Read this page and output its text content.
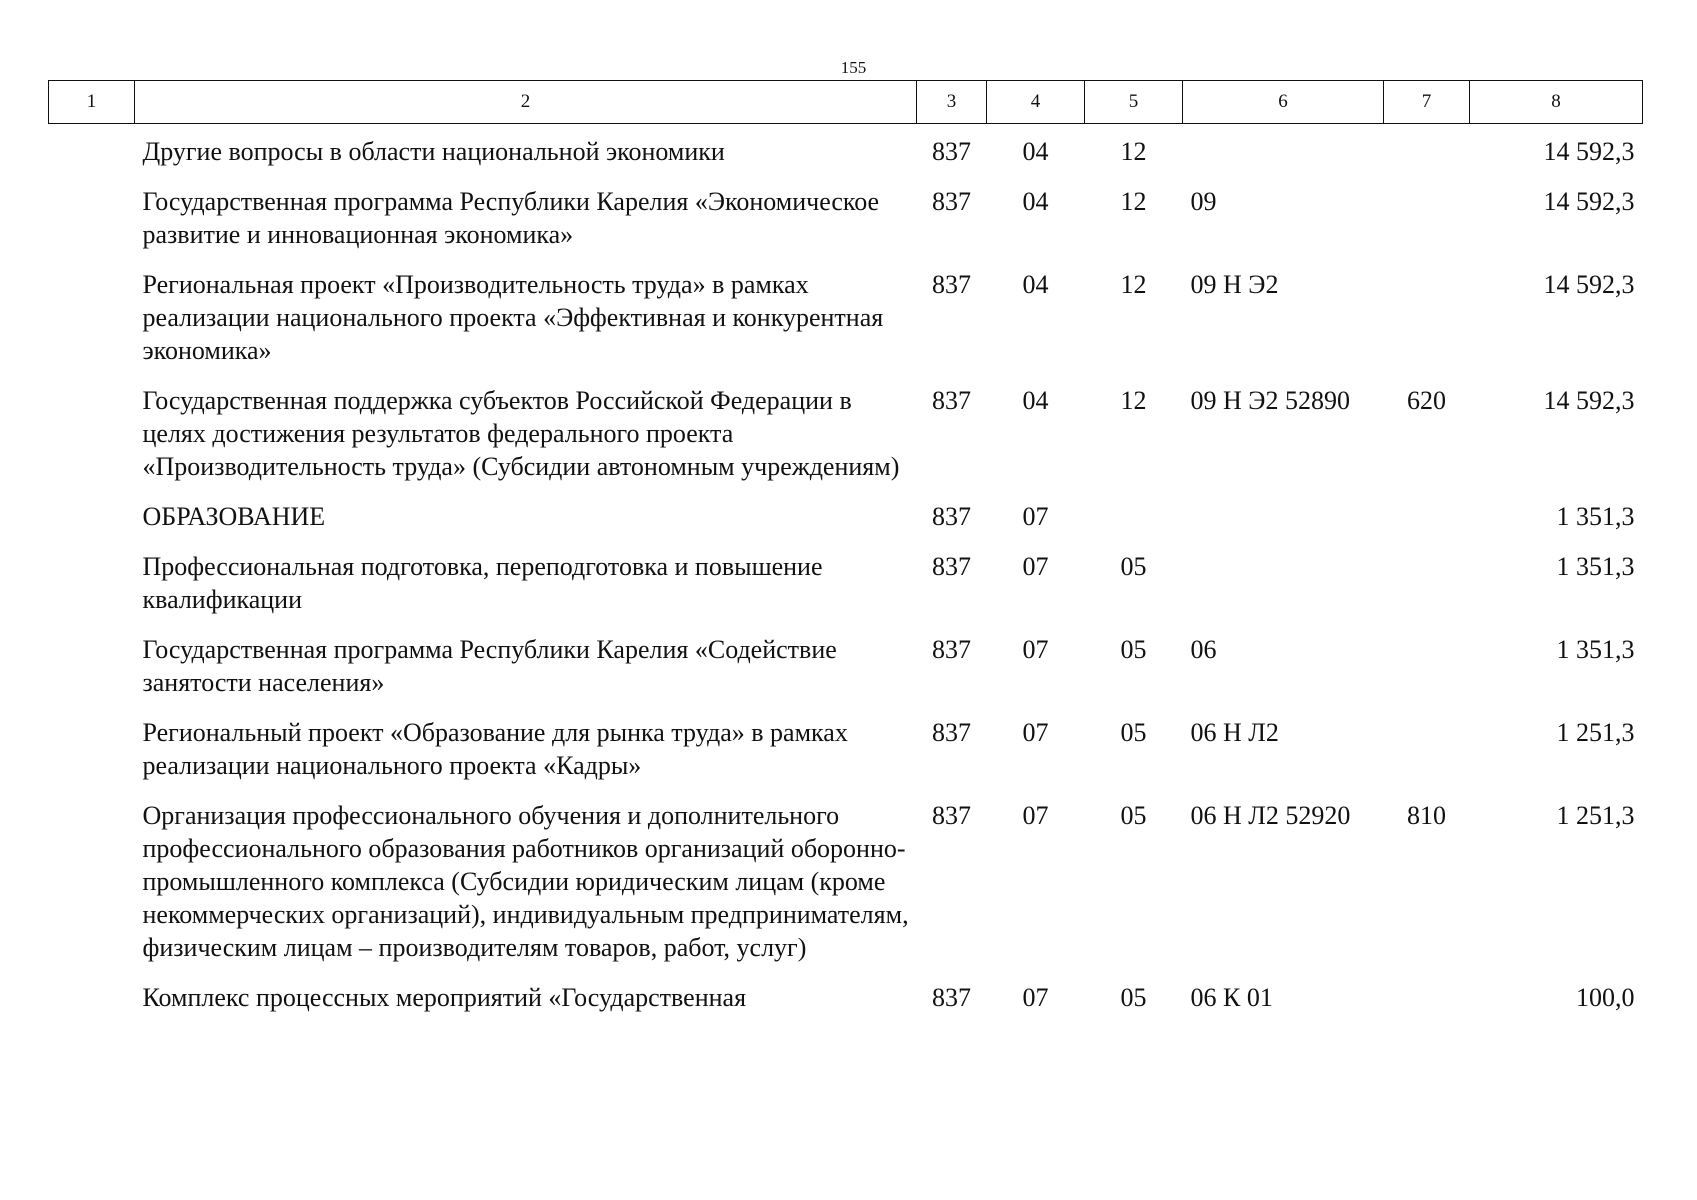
155
1	2	3	4	5	6	7	8
	Другие вопросы в области национальной экономики	837	04	12			14 592,3
	Государственная программа Республики Карелия «Экономическое развитие и инновационная экономика»	837	04	12	09		14 592,3
	Региональная проект «Производительность труда» в рамках реализации национального проекта «Эффективная и конкурентная экономика»	837	04	12	09 Н Э2		14 592,3
	Государственная поддержка субъектов Российской Федерации в целях достижения результатов федерального проекта «Производительность труда» (Субсидии автономным учреждениям)	837	04	12	09 Н Э2 52890	620	14 592,3
	ОБРАЗОВАНИЕ	837	07				1 351,3
	Профессиональная подготовка, переподготовка и повышение квалификации	837	07	05			1 351,3
	Государственная программа Республики Карелия «Содействие занятости населения»	837	07	05	06		1 351,3
	Региональный проект «Образование для рынка труда» в рамках реализации национального проекта «Кадры»	837	07	05	06 Н Л2		1 251,3
	Организация профессионального обучения и дополнительного профессионального образования работников организаций оборонно-промышленного комплекса (Субсидии юридическим лицам (кроме некоммерческих организаций), индивидуальным предпринимателям, физическим лицам – производителям товаров, работ, услуг)	837	07	05	06 Н Л2 52920	810	1 251,3
	Комплекс процессных мероприятий «Государственная	837	07	05	06 К 01		100,0
